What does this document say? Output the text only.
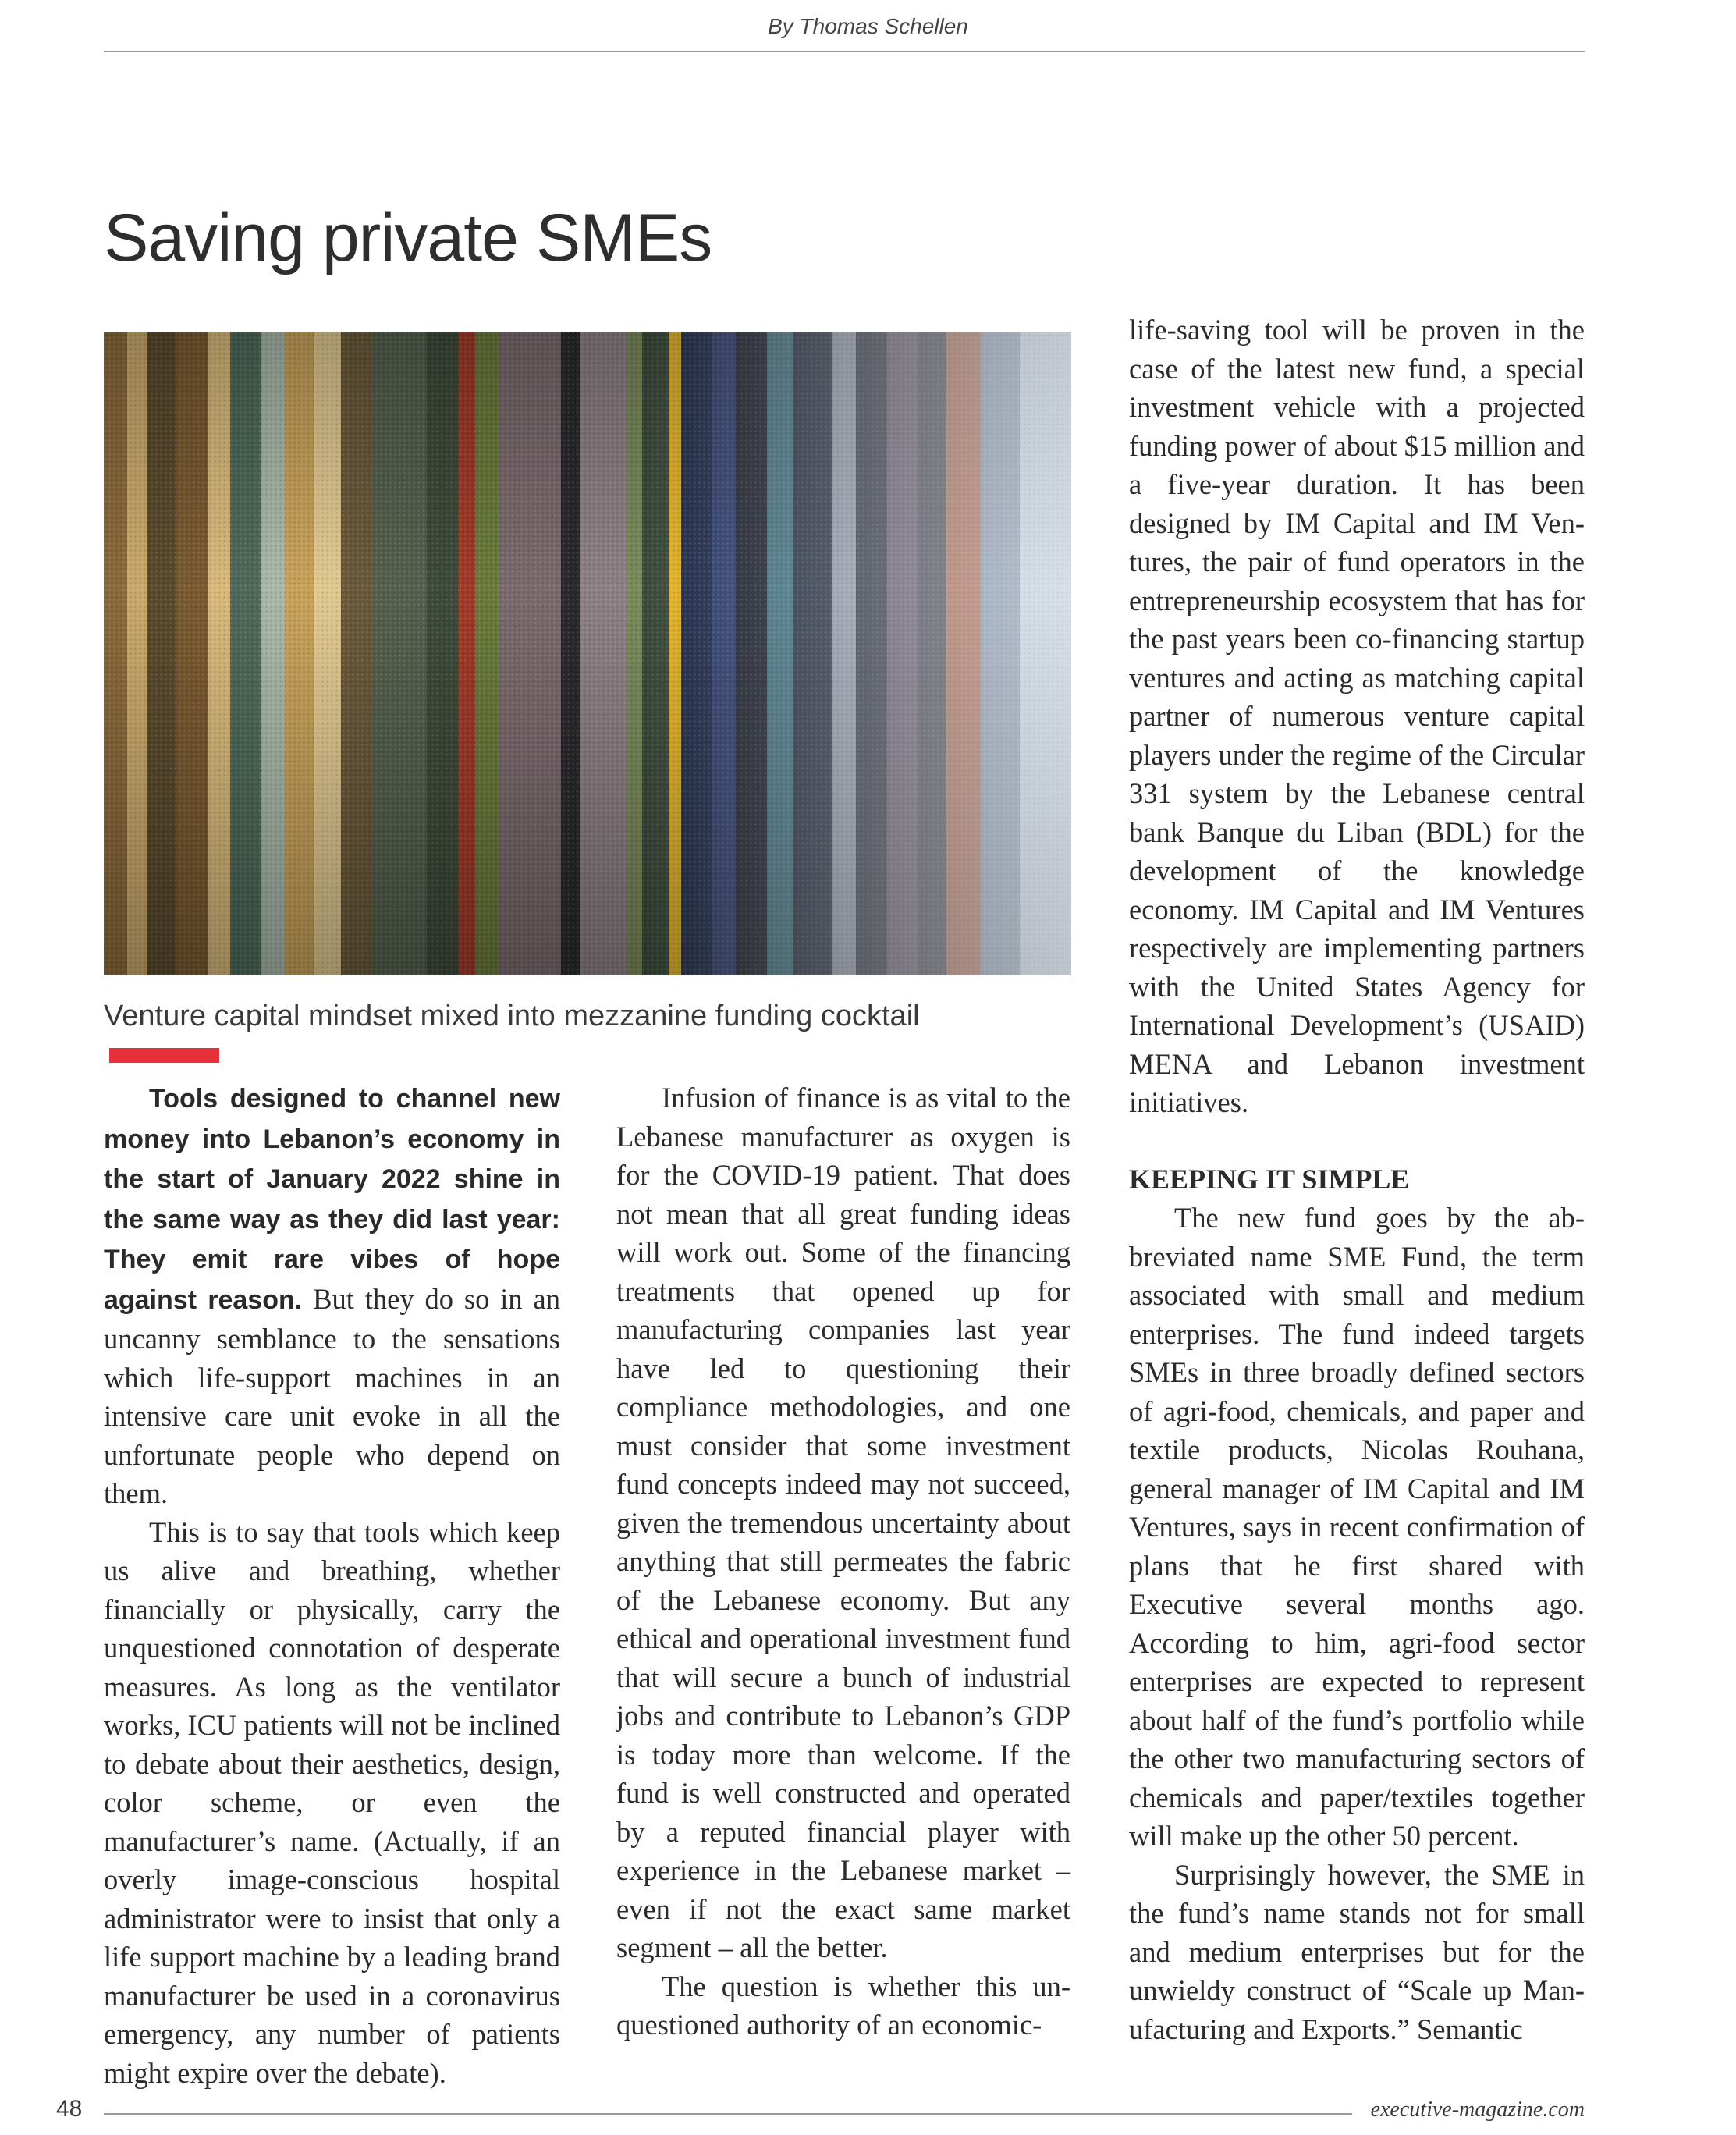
By Thomas Schellen
Saving private SMEs

Venture capital mindset mixed into mezzanine funding cocktail

Tools designed to channel new money into Lebanon’s economy in the start of January 2022 shine in the same way as they did last year: They emit rare vibes of hope against reason. But they do so in an uncanny semblance to the sensations which life-support machines in an intensive care unit evoke in all the unfortunate people who depend on them.

This is to say that tools which keep us alive and breathing, whether financially or physically, carry the unquestioned connotation of desperate measures. As long as the ventilator works, ICU patients will not be inclined to debate about their aesthetics, design, color scheme, or even the manufacturer’s name. (Actually, if an overly image-conscious hospital administrator were to insist that only a life support machine by a leading brand manufacturer be used in a coronavirus emergency, any number of patients might expire over the debate).

Infusion of finance is as vital to the Lebanese manufacturer as oxygen is for the COVID-19 patient. That does not mean that all great funding ideas will work out. Some of the financing treatments that opened up for manufacturing companies last year have led to questioning their compliance methodologies, and one must consider that some investment fund concepts indeed may not succeed, given the tremendous uncertainty about anything that still permeates the fabric of the Lebanese economy. But any ethical and operational investment fund that will secure a bunch of industrial jobs and contribute to Lebanon’s GDP is today more than welcome. If the fund is well constructed and operated by a reputed financial player with experience in the Lebanese market – even if not the exact same market segment – all the better.

The question is whether this unquestioned authority of an economic-

life-saving tool will be proven in the case of the latest new fund, a special investment vehicle with a projected funding power of about $15 million and a five-year duration. It has been designed by IM Capital and IM Ventures, the pair of fund operators in the entrepreneurship ecosystem that has for the past years been co-financing startup ventures and acting as matching capital partner of numerous venture capital players under the regime of the Circular 331 system by the Lebanese central bank Banque du Liban (BDL) for the development of the knowledge economy. IM Capital and IM Ventures respectively are implementing partners with the United States Agency for International Development’s (USAID) MENA and Lebanon investment initiatives.

KEEPING IT SIMPLE

The new fund goes by the abbreviated name SME Fund, the term associated with small and medium enterprises. The fund indeed targets SMEs in three broadly defined sectors of agri-food, chemicals, and paper and textile products, Nicolas Rouhana, general manager of IM Capital and IM Ventures, says in recent confirmation of plans that he first shared with Executive several months ago. According to him, agri-food sector enterprises are expected to represent about half of the fund’s portfolio while the other two manufacturing sectors of chemicals and paper/textiles together will make up the other 50 percent.

Surprisingly however, the SME in the fund’s name stands not for small and medium enterprises but for the unwieldy construct of “Scale up Manufacturing and Exports.” Semantic

48	executive-magazine.com
